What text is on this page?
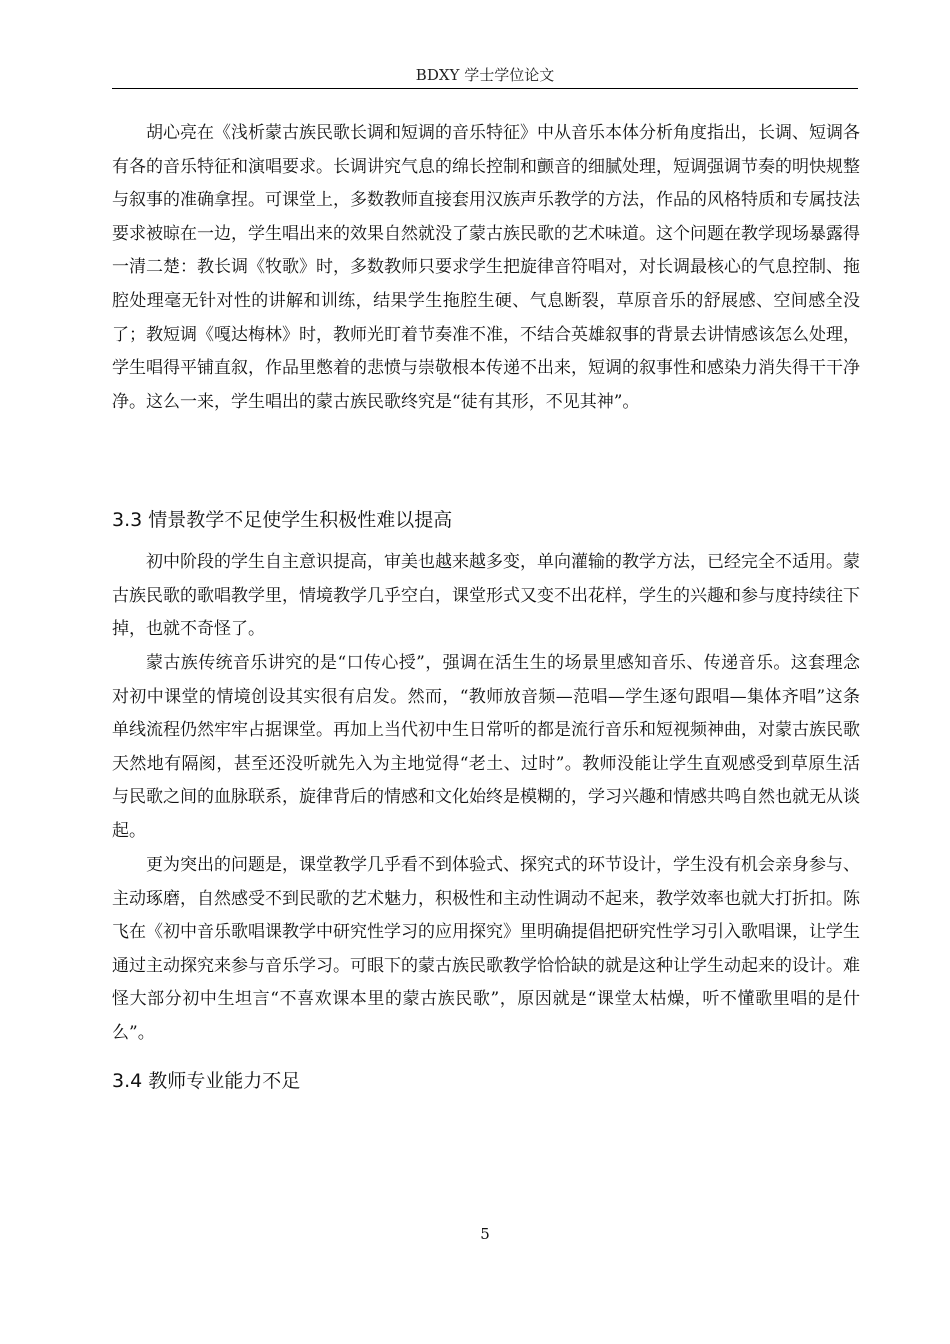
BDXY 学士学位论文

胡心亮在《浅析蒙古族民歌长调和短调的音乐特征》中从音乐本体分析角度指出，长调、短调各有各的音乐特征和演唱要求。长调讲究气息的绵长控制和颤音的细腻处理，短调强调节奏的明快规整与叙事的准确拿捏。可课堂上，多数教师直接套用汉族声乐教学的方法，作品的风格特质和专属技法要求被晾在一边，学生唱出来的效果自然就没了蒙古族民歌的艺术味道。这个问题在教学现场暴露得一清二楚：教长调《牧歌》时，多数教师只要求学生把旋律音符唱对，对长调最核心的气息控制、拖腔处理毫无针对性的讲解和训练，结果学生拖腔生硬、气息断裂，草原音乐的舒展感、空间感全没了；教短调《嘎达梅林》时，教师光盯着节奏准不准，不结合英雄叙事的背景去讲情感该怎么处理，学生唱得平铺直叙，作品里憋着的悲愤与崇敬根本传递不出来，短调的叙事性和感染力消失得干干净净。这么一来，学生唱出的蒙古族民歌终究是“徒有其形，不见其神”。

3.3 情景教学不足使学生积极性难以提高

初中阶段的学生自主意识提高，审美也越来越多变，单向灌输的教学方法，已经完全不适用。蒙古族民歌的歌唱教学里，情境教学几乎空白，课堂形式又变不出花样，学生的兴趣和参与度持续往下掉，也就不奇怪了。

蒙古族传统音乐讲究的是“口传心授”，强调在活生生的场景里感知音乐、传递音乐。这套理念对初中课堂的情境创设其实很有启发。然而，“教师放音频—范唱—学生逐句跟唱—集体齐唱”这条单线流程仍然牢牢占据课堂。再加上当代初中生日常听的都是流行音乐和短视频神曲，对蒙古族民歌天然地有隔阂，甚至还没听就先入为主地觉得“老土、过时”。教师没能让学生直观感受到草原生活与民歌之间的血脉联系，旋律背后的情感和文化始终是模糊的，学习兴趣和情感共鸣自然也就无从谈起。

更为突出的问题是，课堂教学几乎看不到体验式、探究式的环节设计，学生没有机会亲身参与、主动琢磨，自然感受不到民歌的艺术魅力，积极性和主动性调动不起来，教学效率也就大打折扣。陈飞在《初中音乐歌唱课教学中研究性学习的应用探究》里明确提倡把研究性学习引入歌唱课，让学生通过主动探究来参与音乐学习。可眼下的蒙古族民歌教学恰恰缺的就是这种让学生动起来的设计。难怪大部分初中生坦言“不喜欢课本里的蒙古族民歌”，原因就是“课堂太枯燥，听不懂歌里唱的是什么”。

3.4 教师专业能力不足
5
